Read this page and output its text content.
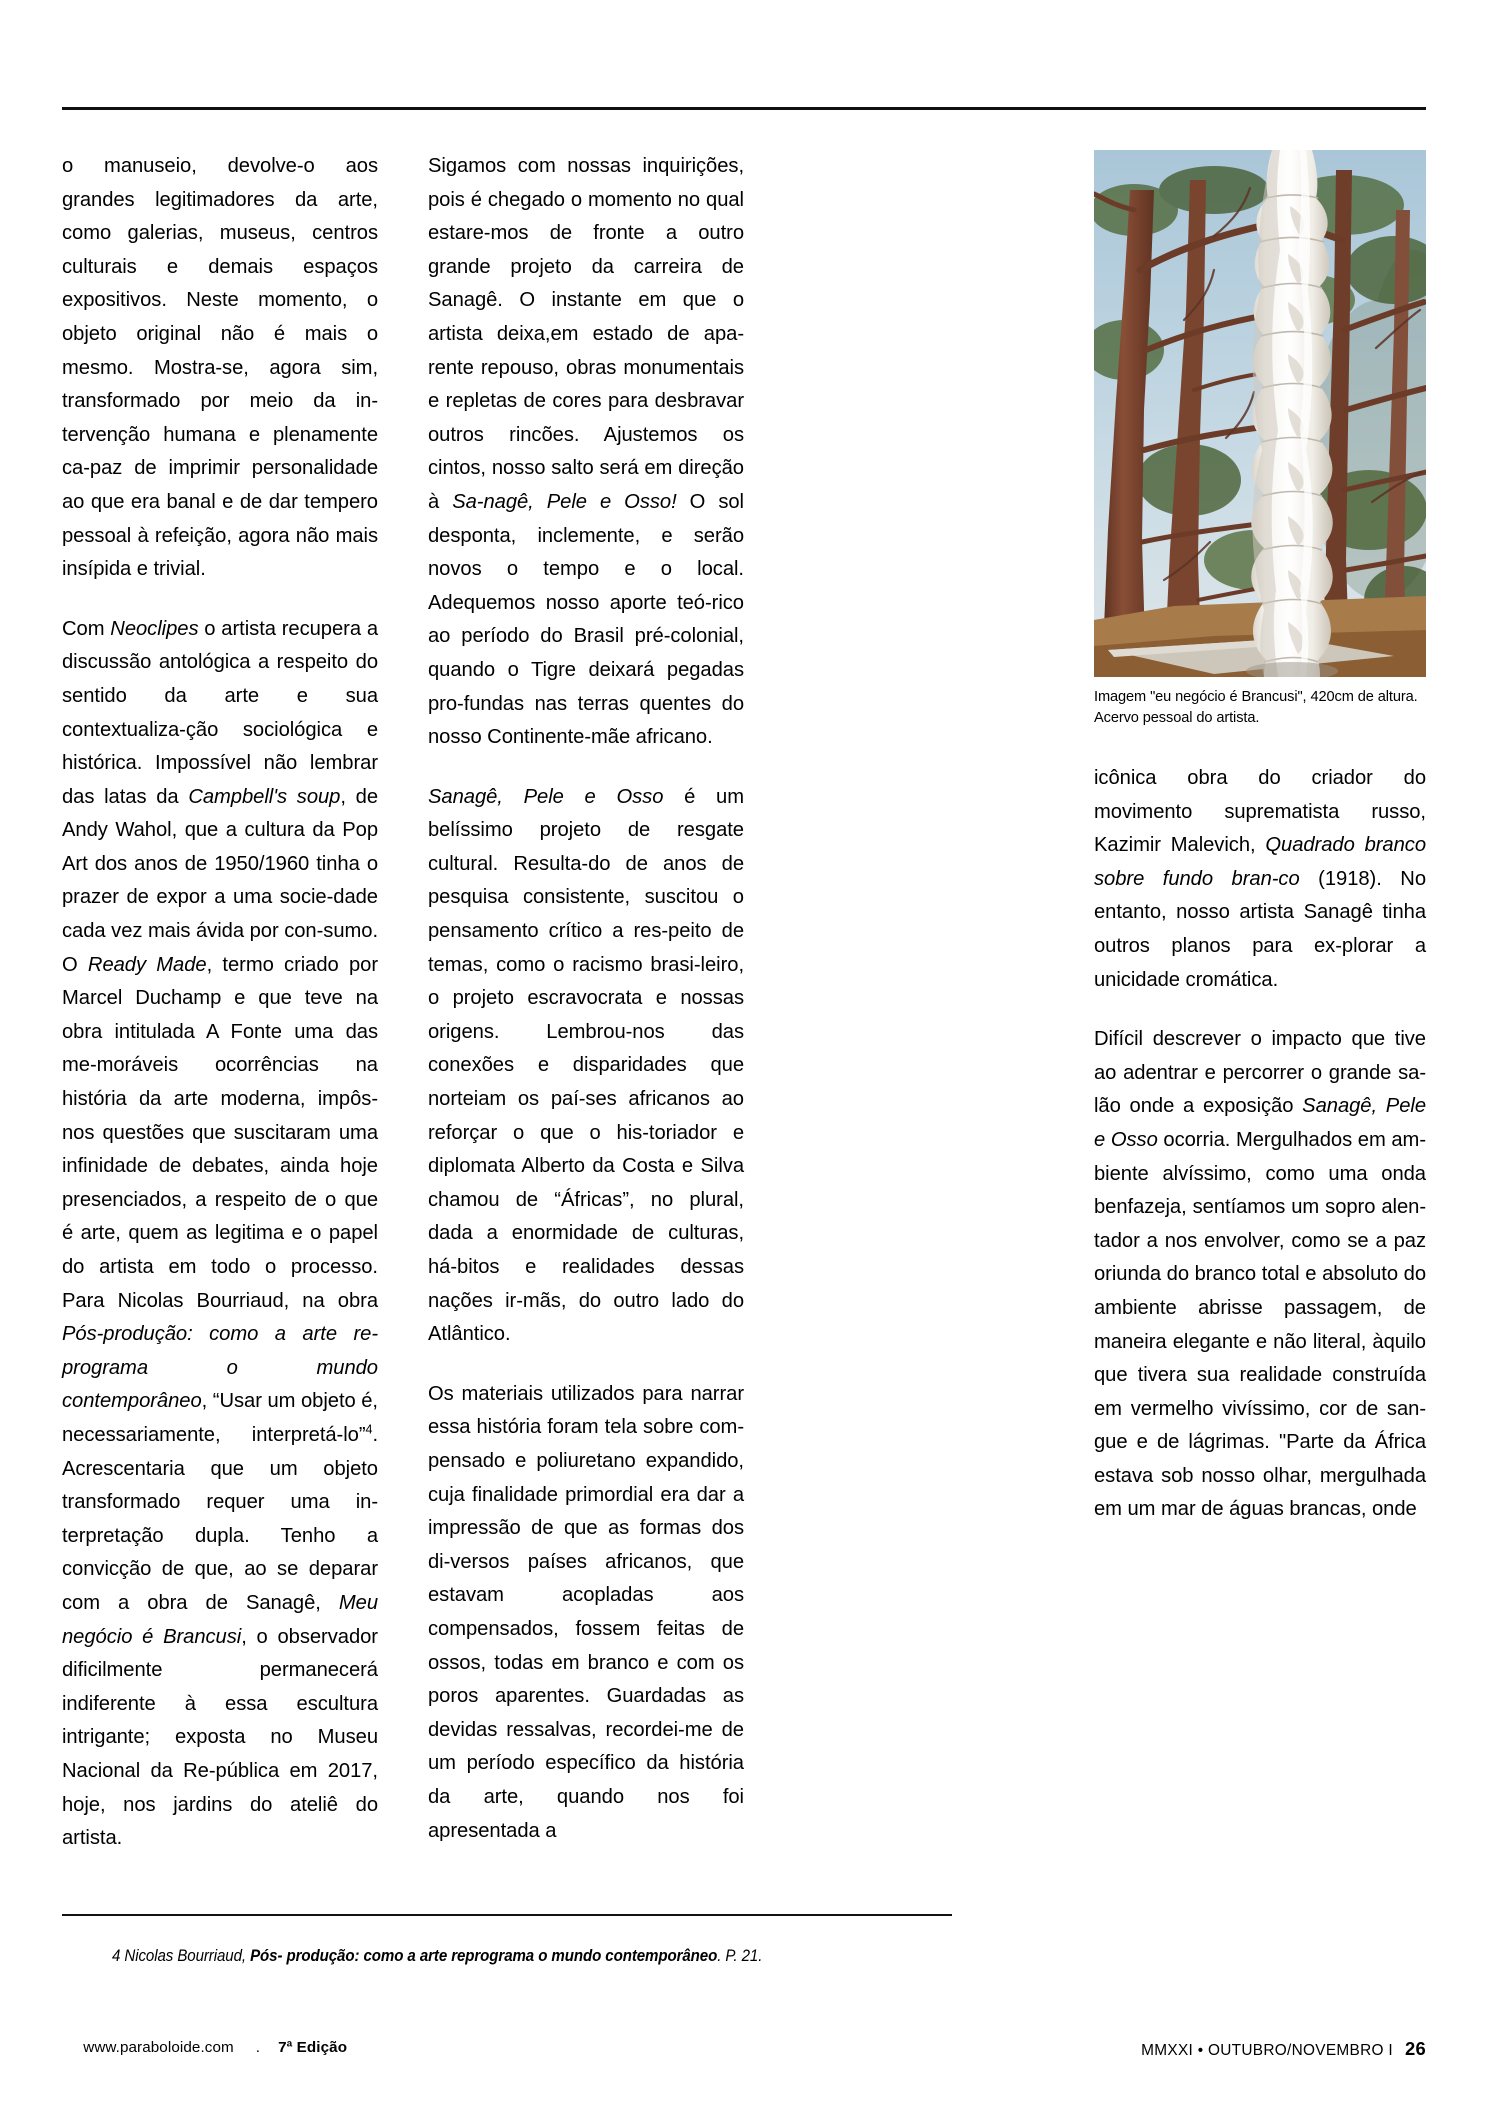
o manuseio, devolve-o aos grandes legitimadores da arte, como galerias, museus, centros culturais e demais espaços expositivos. Neste momento, o objeto original não é mais o mesmo. Mostra-se, agora sim, transformado por meio da in-tervenção humana e plenamente ca-paz de imprimir personalidade ao que era banal e de dar tempero pessoal à refeição, agora não mais insípida e trivial.

Com Neoclipes o artista recupera a discussão antológica a respeito do sentido da arte e sua contextualiza-ção sociológica e histórica. Impossível não lembrar das latas da Campbell's soup, de Andy Wahol, que a cultura da Pop Art dos anos de 1950/1960 tinha o prazer de expor a uma socie-dade cada vez mais ávida por con-sumo. O Ready Made, termo criado por Marcel Duchamp e que teve na obra intitulada A Fonte uma das me-moráveis ocorrências na história da arte moderna, impôs-nos questões que suscitaram uma infinidade de debates, ainda hoje presenciados, a respeito de o que é arte, quem as legitima e o papel do artista em todo o processo. Para Nicolas Bourriaud, na obra Pós-produção: como a arte re-programa o mundo contemporâneo, “Usar um objeto é, necessariamente, interpretá-lo”$^4$. Acrescentaria que um objeto transformado requer uma in-terpretação dupla. Tenho a convicção de que, ao se deparar com a obra de Sanagê, Meu negócio é Brancusi, o observador dificilmente permanecerá indiferente à essa escultura intrigante; exposta no Museu Nacional da Re-pública em 2017, hoje, nos jardins do ateliê do artista.

Sigamos com nossas inquirições, pois é chegado o momento no qual estare-mos de fronte a outro grande projeto da carreira de Sanagê. O instante em que o artista deixa,em estado de apa-rente repouso, obras monumentais e repletas de cores para desbravar outros rincões. Ajustemos os cintos, nosso salto será em direção à Sa-nagê, Pele e Osso! O sol desponta, inclemente, e serão novos o tempo e o local. Adequemos nosso aporte teó-rico ao período do Brasil pré-colonial, quando o Tigre deixará pegadas pro-fundas nas terras quentes do nosso Continente-mãe africano.

Sanagê, Pele e Osso é um belíssimo projeto de resgate cultural. Resulta-do de anos de pesquisa consistente, suscitou o pensamento crítico a res-peito de temas, como o racismo brasi-leiro, o projeto escravocrata e nossas origens. Lembrou-nos das conexões e disparidades que norteiam os paí-ses africanos ao reforçar o que o his-toriador e diplomata Alberto da Costa e Silva chamou de “Áfricas”, no plural, dada a enormidade de culturas, há-bitos e realidades dessas nações ir-mãs, do outro lado do Atlântico.

Os materiais utilizados para narrar essa história foram tela sobre com-pensado e poliuretano expandido, cuja finalidade primordial era dar a impressão de que as formas dos di-versos países africanos, que estavam acopladas aos compensados, fossem feitas de ossos, todas em branco e com os poros aparentes. Guardadas as devidas ressalvas, recordei-me de um período específico da história da arte, quando nos foi apresentada a

Imagem "eu negócio é Brancusi", 420cm de altura.
Acervo pessoal do artista.

icônica obra do criador do movimento suprematista russo, Kazimir Malevich, Quadrado branco sobre fundo bran-co (1918). No entanto, nosso artista Sanagê tinha outros planos para ex-plorar a unicidade cromática.

Difícil descrever o impacto que tive ao adentrar e percorrer o grande sa-lão onde a exposição Sanagê, Pele e Osso ocorria. Mergulhados em am-biente alvíssimo, como uma onda benfazeja, sentíamos um sopro alen-tador a nos envolver, como se a paz oriunda do branco total e absoluto do ambiente abrisse passagem, de maneira elegante e não literal, àquilo que tivera sua realidade construída em vermelho vivíssimo, cor de san-gue e de lágrimas. "Parte da África estava sob nosso olhar, mergulhada em um mar de águas brancas, onde

4 Nicolas Bourriaud, Pós- produção: como a arte reprograma o mundo contemporâneo. P. 21.

www.paraboloide.com . 7ª Edição
	MMXXI • OUTUBRO/NOVEMBRO I 26
